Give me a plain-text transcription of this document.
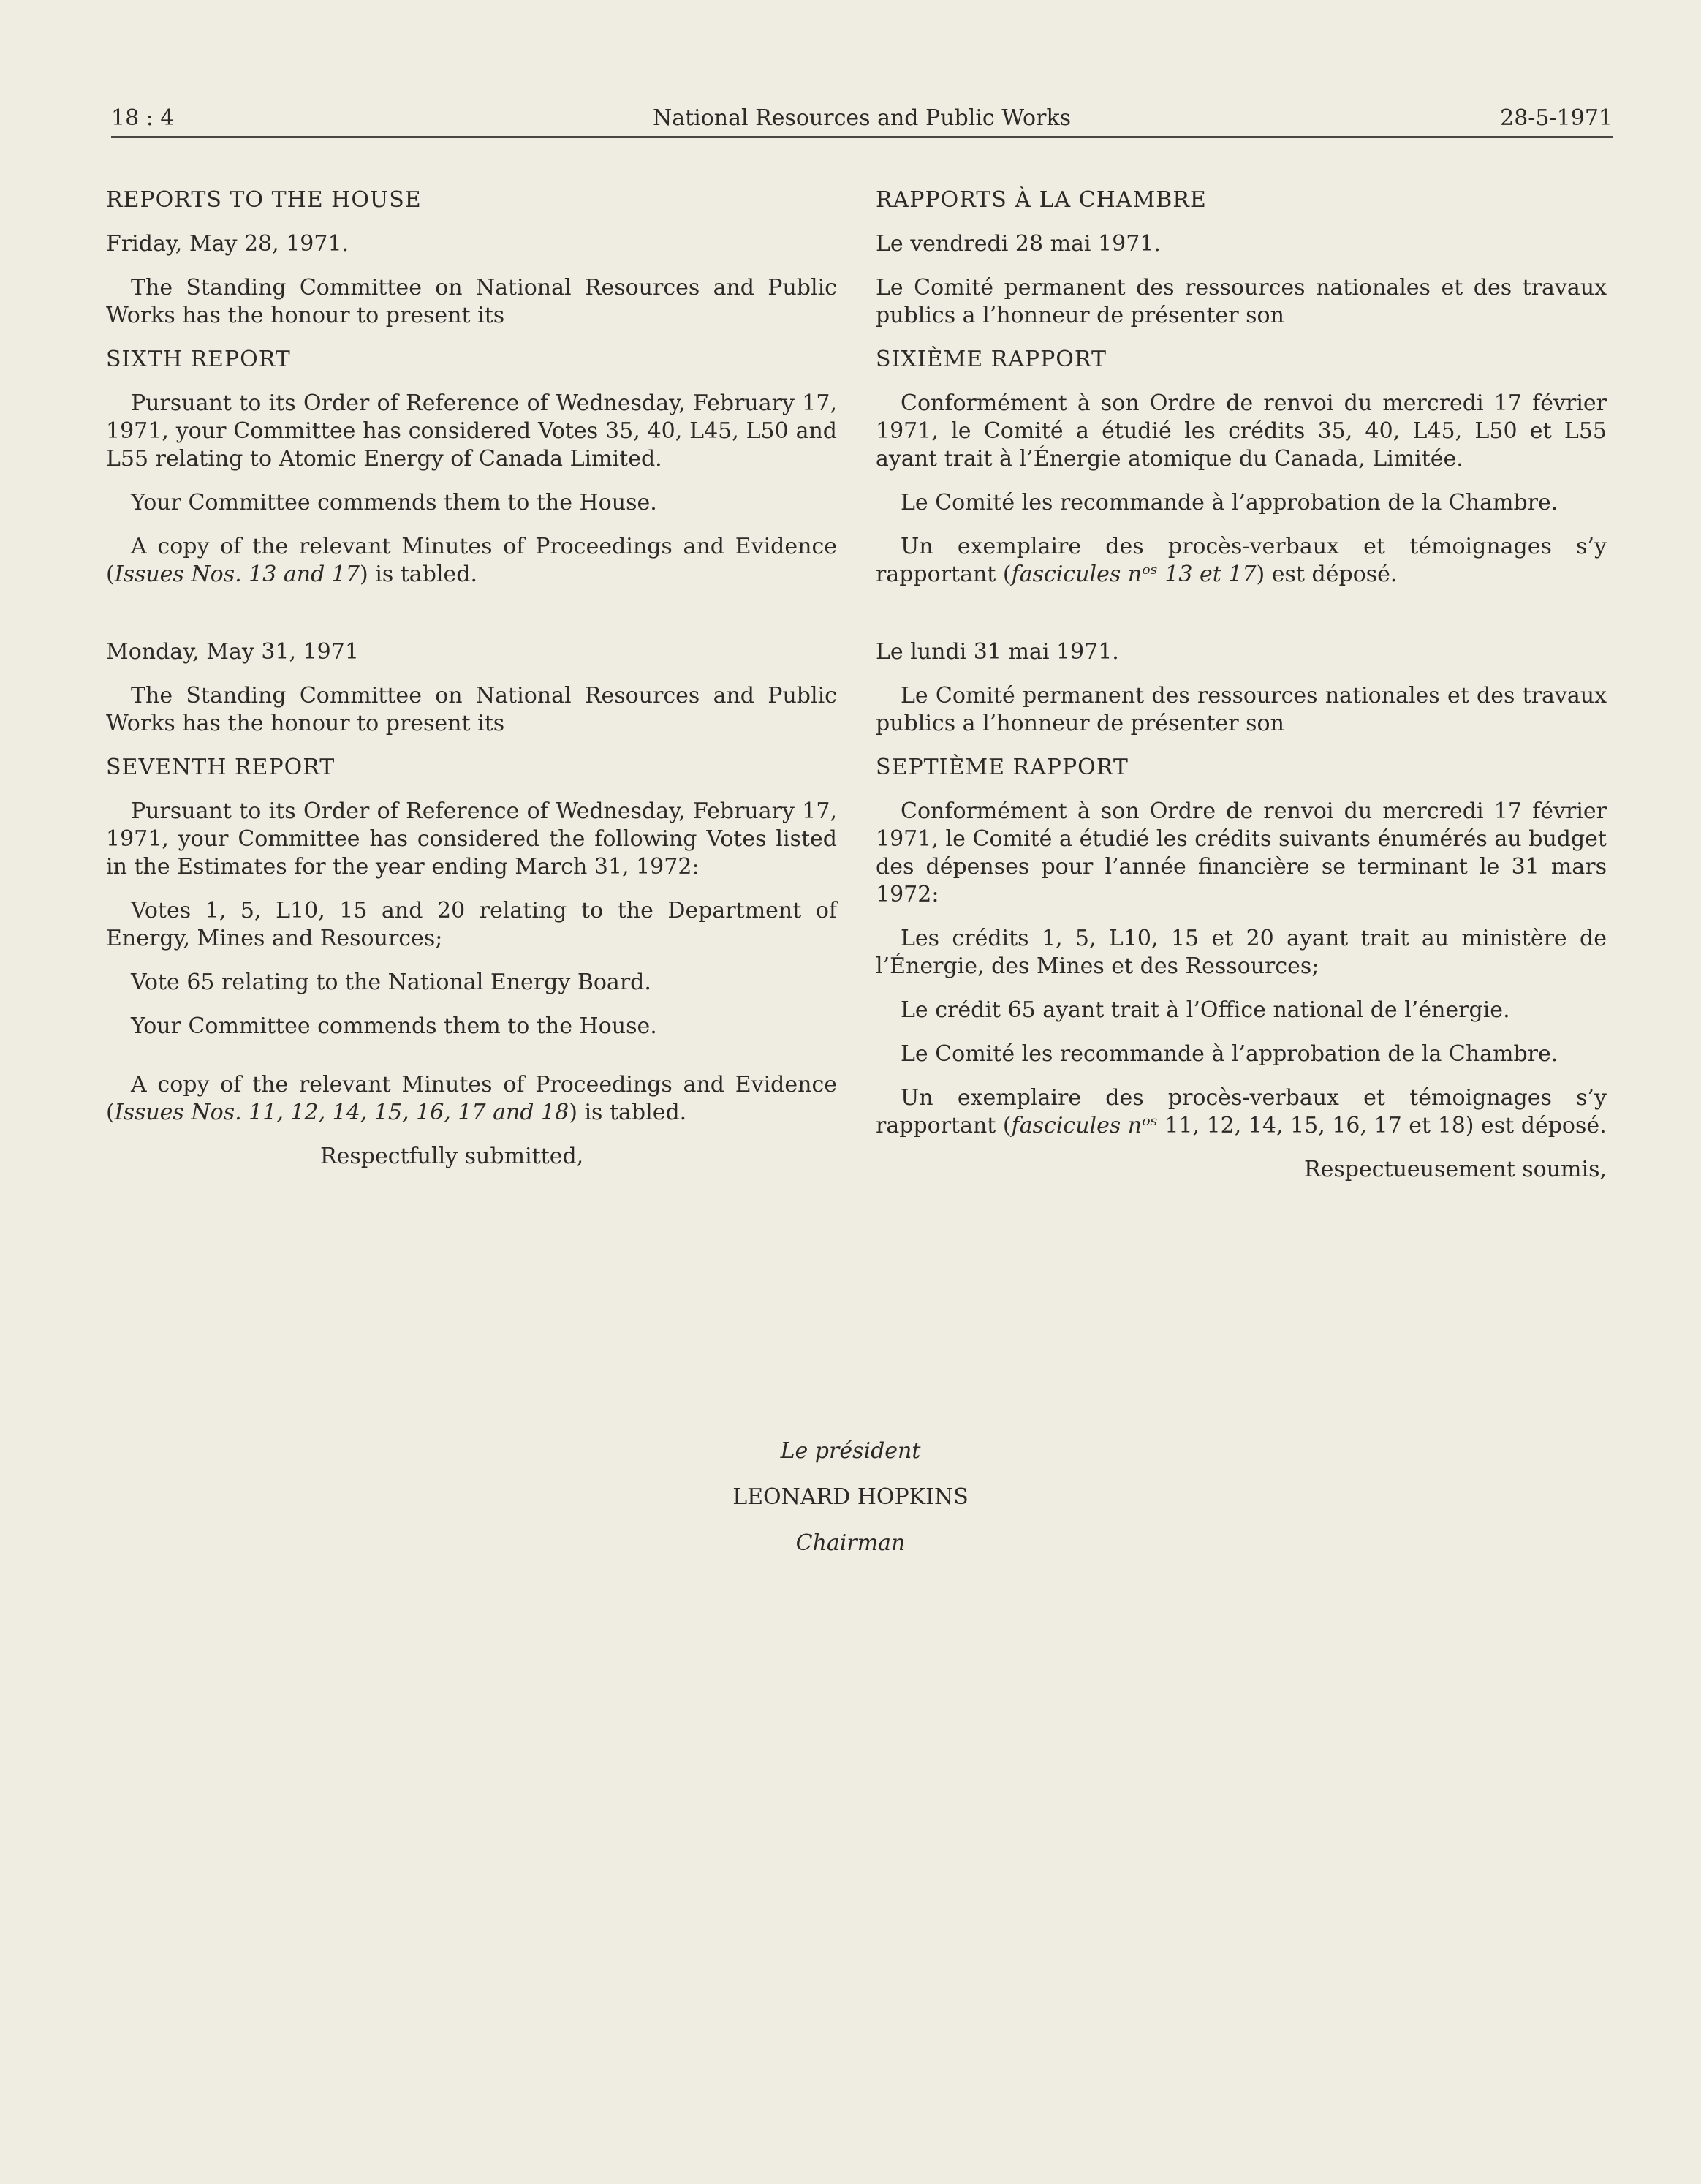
18 : 4	National Resources and Public Works	28-5-1971
REPORTS TO THE HOUSE
Friday, May 28, 1971.
The Standing Committee on National Resources and Public Works has the honour to present its
SIXTH REPORT
Pursuant to its Order of Reference of Wednesday, February 17, 1971, your Committee has considered Votes 35, 40, L45, L50 and L55 relating to Atomic Energy of Canada Limited.
Your Committee commends them to the House.
A copy of the relevant Minutes of Proceedings and Evidence (Issues Nos. 13 and 17) is tabled.
Monday, May 31, 1971
The Standing Committee on National Resources and Public Works has the honour to present its
SEVENTH REPORT
Pursuant to its Order of Reference of Wednesday, February 17, 1971, your Committee has considered the following Votes listed in the Estimates for the year ending March 31, 1972:
Votes 1, 5, L10, 15 and 20 relating to the Department of Energy, Mines and Resources;
Vote 65 relating to the National Energy Board.
Your Committee commends them to the House.
A copy of the relevant Minutes of Proceedings and Evidence (Issues Nos. 11, 12, 14, 15, 16, 17 and 18) is tabled.
Respectfully submitted,
RAPPORTS À LA CHAMBRE
Le vendredi 28 mai 1971.
Le Comité permanent des ressources nationales et des travaux publics a l’honneur de présenter son
SIXIÈME RAPPORT
Conformément à son Ordre de renvoi du mercredi 17 février 1971, le Comité a étudié les crédits 35, 40, L45, L50 et L55 ayant trait à l’Énergie atomique du Canada, Limitée.
Le Comité les recommande à l’approbation de la Chambre.
Un exemplaire des procès-verbaux et témoignages s’y rapportant (fascicules nᵒˢ 13 et 17) est déposé.
Le lundi 31 mai 1971.
Le Comité permanent des ressources nationales et des travaux publics a l’honneur de présenter son
SEPTIÈME RAPPORT
Conformément à son Ordre de renvoi du mercredi 17 février 1971, le Comité a étudié les crédits suivants énumérés au budget des dépenses pour l’année financière se terminant le 31 mars 1972:
Les crédits 1, 5, L10, 15 et 20 ayant trait au ministère de l’Énergie, des Mines et des Ressources;
Le crédit 65 ayant trait à l’Office national de l’énergie.
Le Comité les recommande à l’approbation de la Chambre.
Un exemplaire des procès-verbaux et témoignages s’y rapportant (fascicules nᵒˢ 11, 12, 14, 15, 16, 17 et 18) est déposé.
Respectueusement soumis,
Le président
LEONARD HOPKINS
Chairman
